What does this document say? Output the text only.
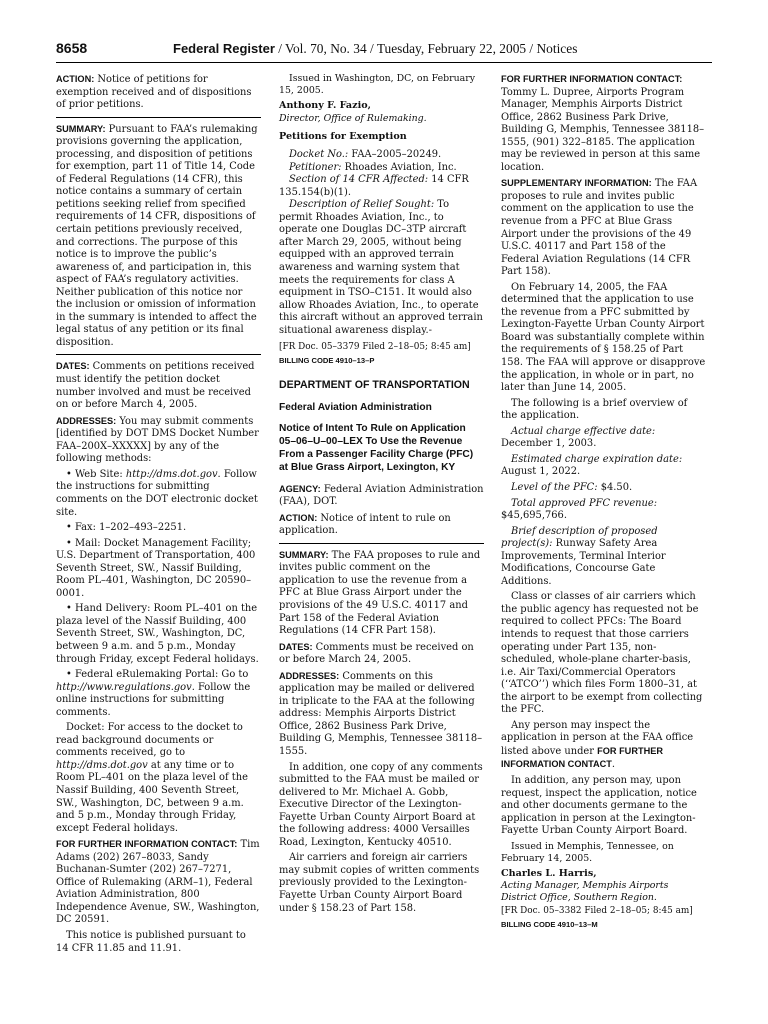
8658	Federal Register / Vol. 70, No. 34 / Tuesday, February 22, 2005 / Notices

ACTION: Notice of petitions for exemption received and of dispositions of prior petitions.

SUMMARY: Pursuant to FAA’s rulemaking provisions governing the application, processing, and disposition of petitions for exemption, part 11 of Title 14, Code of Federal Regulations (14 CFR), this notice contains a summary of certain petitions seeking relief from specified requirements of 14 CFR, dispositions of certain petitions previously received, and corrections. The purpose of this notice is to improve the public’s awareness of, and participation in, this aspect of FAA’s regulatory activities. Neither publication of this notice nor the inclusion or omission of information in the summary is intended to affect the legal status of any petition or its final disposition.

DATES: Comments on petitions received must identify the petition docket number involved and must be received on or before March 4, 2005.

ADDRESSES: You may submit comments [identified by DOT DMS Docket Number FAA–200X–XXXXX] by any of the following methods:

• Web Site: http://dms.dot.gov. Follow the instructions for submitting comments on the DOT electronic docket site.

• Fax: 1–202–493–2251.

• Mail: Docket Management Facility; U.S. Department of Transportation, 400 Seventh Street, SW., Nassif Building, Room PL–401, Washington, DC 20590–0001.

• Hand Delivery: Room PL–401 on the plaza level of the Nassif Building, 400 Seventh Street, SW., Washington, DC, between 9 a.m. and 5 p.m., Monday through Friday, except Federal holidays.

• Federal eRulemaking Portal: Go to http://www.regulations.gov. Follow the online instructions for submitting comments.

Docket: For access to the docket to read background documents or comments received, go to http://dms.dot.gov at any time or to Room PL–401 on the plaza level of the Nassif Building, 400 Seventh Street, SW., Washington, DC, between 9 a.m. and 5 p.m., Monday through Friday, except Federal holidays.

FOR FURTHER INFORMATION CONTACT: Tim Adams (202) 267–8033, Sandy Buchanan-Sumter (202) 267–7271, Office of Rulemaking (ARM–1), Federal Aviation Administration, 800 Independence Avenue, SW., Washington, DC 20591.

This notice is published pursuant to 14 CFR 11.85 and 11.91.

Issued in Washington, DC, on February 15, 2005.

Anthony F. Fazio,

Director, Office of Rulemaking.

Petitions for Exemption

Docket No.: FAA–2005–20249.

Petitioner: Rhoades Aviation, Inc.

Section of 14 CFR Affected: 14 CFR 135.154(b)(1).

Description of Relief Sought: To permit Rhoades Aviation, Inc., to operate one Douglas DC–3TP aircraft after March 29, 2005, without being equipped with an approved terrain awareness and warning system that meets the requirements for class A equipment in TSO–C151. It would also allow Rhoades Aviation, Inc., to operate this aircraft without an approved terrain situational awareness display.-

[FR Doc. 05–3379 Filed 2–18–05; 8:45 am]

BILLING CODE 4910–13–P

DEPARTMENT OF TRANSPORTATION
Federal Aviation Administration
Notice of Intent To Rule on Application 05–06–U–00–LEX To Use the Revenue From a Passenger Facility Charge (PFC) at Blue Grass Airport, Lexington, KY

AGENCY: Federal Aviation Administration (FAA), DOT.

ACTION: Notice of intent to rule on application.

SUMMARY: The FAA proposes to rule and invites public comment on the application to use the revenue from a PFC at Blue Grass Airport under the provisions of the 49 U.S.C. 40117 and Part 158 of the Federal Aviation Regulations (14 CFR Part 158).

DATES: Comments must be received on or before March 24, 2005.

ADDRESSES: Comments on this application may be mailed or delivered in triplicate to the FAA at the following address: Memphis Airports District Office, 2862 Business Park Drive, Building G, Memphis, Tennessee 38118–1555.

In addition, one copy of any comments submitted to the FAA must be mailed or delivered to Mr. Michael A. Gobb, Executive Director of the Lexington-Fayette Urban County Airport Board at the following address: 4000 Versailles Road, Lexington, Kentucky 40510.

Air carriers and foreign air carriers may submit copies of written comments previously provided to the Lexington-Fayette Urban County Airport Board under § 158.23 of Part 158.

FOR FURTHER INFORMATION CONTACT: Tommy L. Dupree, Airports Program Manager, Memphis Airports District Office, 2862 Business Park Drive, Building G, Memphis, Tennessee 38118–1555, (901) 322–8185. The application may be reviewed in person at this same location.

SUPPLEMENTARY INFORMATION: The FAA proposes to rule and invites public comment on the application to use the revenue from a PFC at Blue Grass Airport under the provisions of the 49 U.S.C. 40117 and Part 158 of the Federal Aviation Regulations (14 CFR Part 158).

On February 14, 2005, the FAA determined that the application to use the revenue from a PFC submitted by Lexington-Fayette Urban County Airport Board was substantially complete within the requirements of § 158.25 of Part 158. The FAA will approve or disapprove the application, in whole or in part, no later than June 14, 2005.

The following is a brief overview of the application.

Actual charge effective date: December 1, 2003.

Estimated charge expiration date: August 1, 2022.

Level of the PFC: $4.50.

Total approved PFC revenue: $45,695,766.

Brief description of proposed project(s): Runway Safety Area Improvements, Terminal Interior Modifications, Concourse Gate Additions.

Class or classes of air carriers which the public agency has requested not be required to collect PFCs: The Board intends to request that those carriers operating under Part 135, non-scheduled, whole-plane charter-basis, i.e. Air Taxi/Commercial Operators (‘‘ATCO’’) which files Form 1800–31, at the airport to be exempt from collecting the PFC.

Any person may inspect the application in person at the FAA office listed above under FOR FURTHER INFORMATION CONTACT.

In addition, any person may, upon request, inspect the application, notice and other documents germane to the application in person at the Lexington-Fayette Urban County Airport Board.

Issued in Memphis, Tennessee, on February 14, 2005.

Charles L. Harris,

Acting Manager, Memphis Airports District Office, Southern Region.

[FR Doc. 05–3382 Filed 2–18–05; 8:45 am]

BILLING CODE 4910–13–M
